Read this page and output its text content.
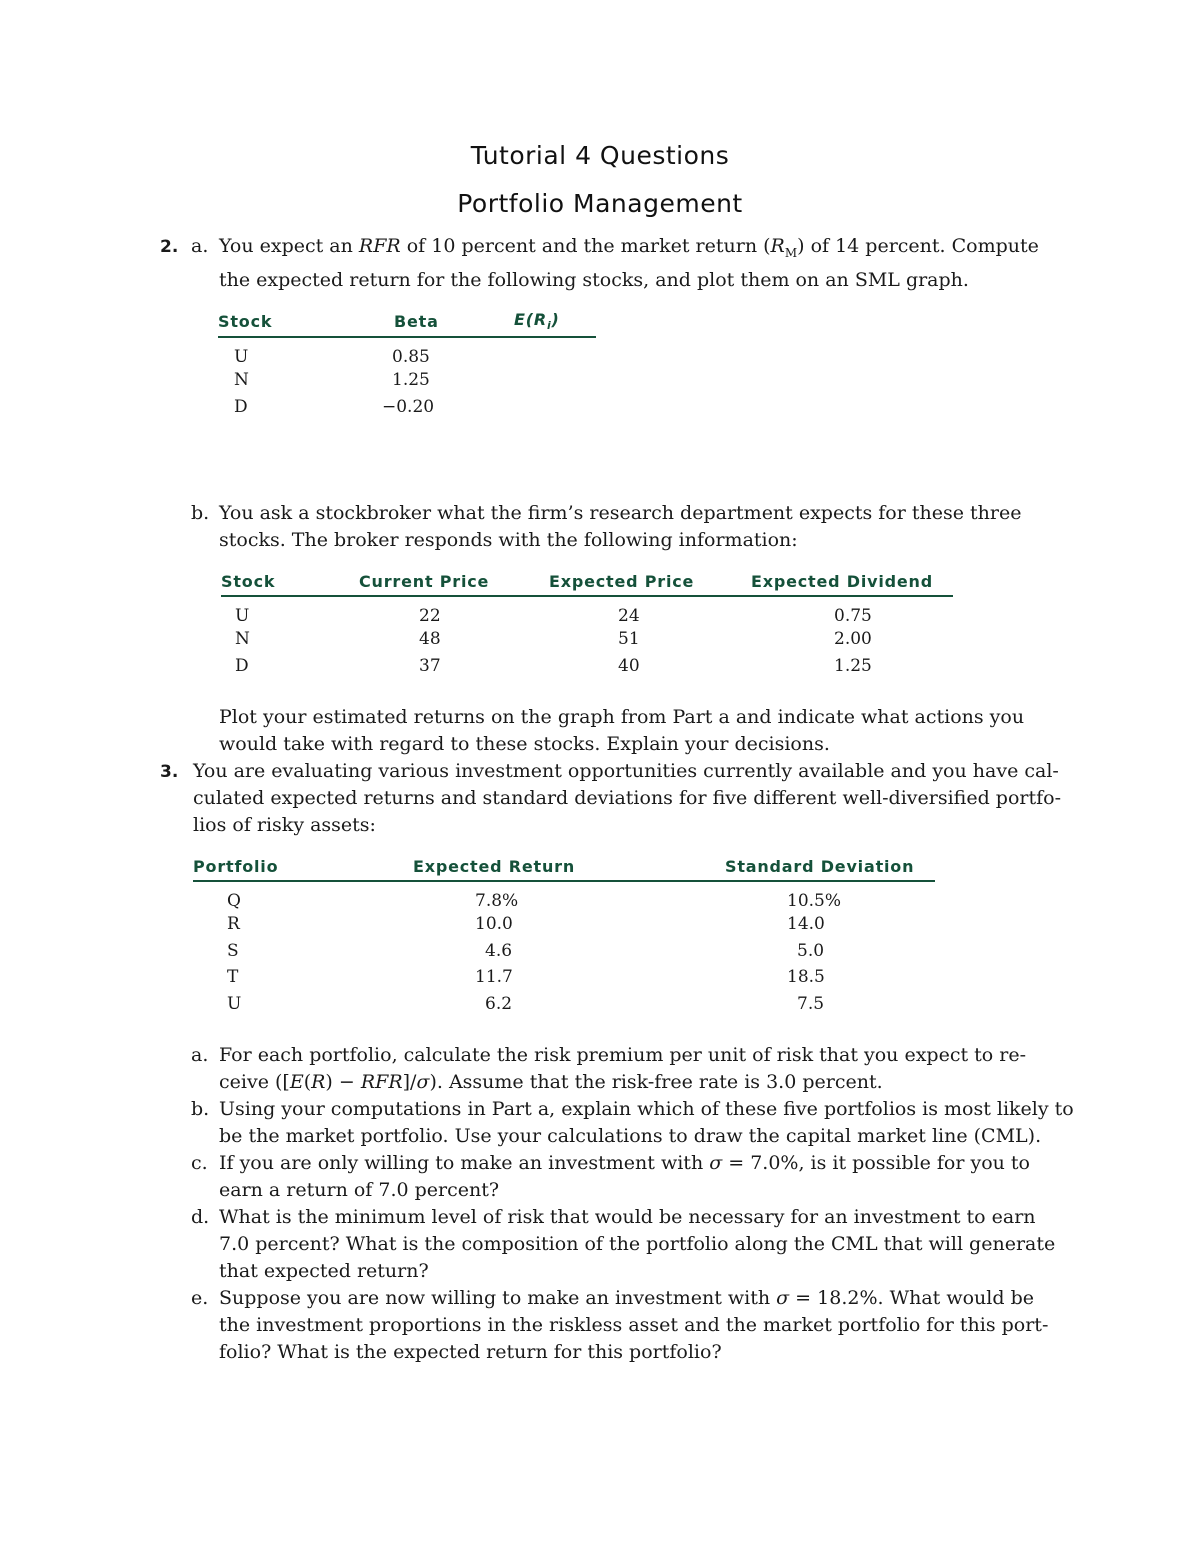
Tutorial 4 Questions
Portfolio Management
2. a. You expect an RFR of 10 percent and the market return $(R_M)$ of 14 percent. Compute
the expected return for the following stocks, and plot them on an SML graph.
Stock	Beta	$E(R_i)$
U	0.85	
N	1.25	
D	−0.20	
b. You ask a stockbroker what the firm’s research department expects for these three
stocks. The broker responds with the following information:
Stock	Current Price	Expected Price	Expected Dividend
U	22	24	0.75
N	48	51	2.00
D	37	40	1.25
Plot your estimated returns on the graph from Part a and indicate what actions you
would take with regard to these stocks. Explain your decisions.
3. You are evaluating various investment opportunities currently available and you have cal-
culated expected returns and standard deviations for five different well-diversified portfo-
lios of risky assets:
Portfolio	Expected Return	Standard Deviation
Q	7.8%	10.5%
R	10.0	14.0
S	4.6	5.0
T	11.7	18.5
U	6.2	7.5
a. For each portfolio, calculate the risk premium per unit of risk that you expect to re-
ceive ([E(R) − RFR]/σ). Assume that the risk-free rate is 3.0 percent.
b. Using your computations in Part a, explain which of these five portfolios is most likely to
be the market portfolio. Use your calculations to draw the capital market line (CML).
c. If you are only willing to make an investment with σ = 7.0%, is it possible for you to
earn a return of 7.0 percent?
d. What is the minimum level of risk that would be necessary for an investment to earn
7.0 percent? What is the composition of the portfolio along the CML that will generate
that expected return?
e. Suppose you are now willing to make an investment with σ = 18.2%. What would be
the investment proportions in the riskless asset and the market portfolio for this port-
folio? What is the expected return for this portfolio?
